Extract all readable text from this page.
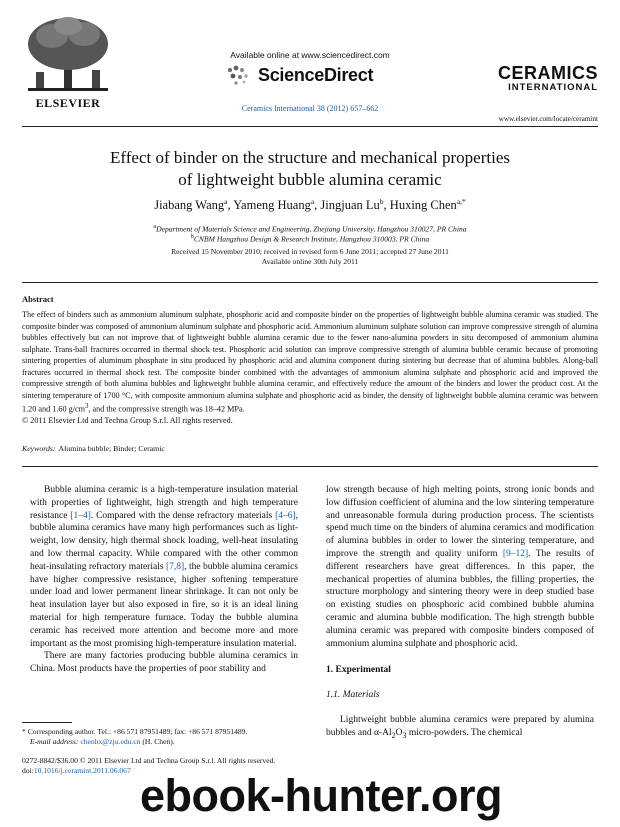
ELSEVIER
Available online at www.sciencedirect.com
ScienceDirect
Ceramics International 38 (2012) 657–662
CERAMICS
INTERNATIONAL
www.elsevier.com/locate/ceramint
Effect of binder on the structure and mechanical properties
of lightweight bubble alumina ceramic
Jiabang Wang$^a$, Yameng Huang$^a$, Jingjuan Lu$^b$, Huxing Chen$^{a,*}$
$^a$Department of Materials Science and Engineering, Zhejiang University, Hangzhou 310027, PR China
$^b$CNBM Hangzhou Design & Research Institute, Hangzhou 310003, PR China
Received 15 November 2010; received in revised form 6 June 2011; accepted 27 June 2011
Available online 30th July 2011
Abstract
The effect of binders such as ammonium aluminum sulphate, phosphoric acid and composite binder on the properties of lightweight bubble alumina ceramic was studied. The composite binder was composed of ammonium aluminum sulphate and phosphoric acid. Ammonium aluminum sulphate solution can improve compressive strength of alumina bubbles effectively but can not improve that of lightweight bubble alumina ceramic due to the fewer nano-alumina powders in situ decomposed of ammonium alumina sulphate. Trans-ball fractures occurred in thermal shock test. Phosphoric acid solution can improve compressive strength of alumina bubble ceramic because of promoting sintering properties of aluminum phosphate in situ produced by phosphoric acid and alumina component during sintering but decrease that of alumina bubbles. Along-ball fractures occurred in thermal shock test. The composite binder combined with the advantages of ammonium alumina sulphate and phosphoric acid and improved the compressive strength of both alumina bubbles and lightweight bubble alumina ceramic, and effectively reduce the amount of the binders and lower the product cost. At the sintering temperature of 1700 °C, with composite ammonium alumina sulphate and phosphoric acid as binder, the density of lightweight bubble alumina ceramic was between 1.20 and 1.60 $g/cm^3$, and the compressive strength was 18–42 MPa.
© 2011 Elsevier Ltd and Techna Group S.r.l. All rights reserved.
Keywords: Alumina bubble; Binder; Ceramic

Bubble alumina ceramic is a high-temperature insulation material with properties of lightweight, high strength and high temperature resistance [1–4]. Compared with the dense refractory materials [4–6], bubble alumina ceramics have many high performances such as light-weight, low density, high thermal shock loading, well-heat insulating and low thermal capacity. While compared with the other common heat-insulating refractory materials [7,8], the bubble alumina ceramics have higher compressive resistance, higher softening temperature under load and lower permanent linear shrinkage. It can not only be heat insulation layer but also exposed in fire, so it is an ideal lining material for high temperature furnace. Today the bubble alumina ceramic has received more attention and become more and more important as the most promising high-temperature insulation material.

There are many factories producing bubble alumina ceramics in China. Most products have the properties of poor stability and

low strength because of high melting points, strong ionic bonds and low diffusion coefficient of alumina and the low sintering temperature and unreasonable formula during production process. The scientists spend much time on the binders of alumina ceramics and modification of alumina bubbles in order to lower the sintering temperature, and improve the strength and quality uniform [9–12]. The results of different researchers have great differences. In this paper, the mechanical properties of alumina bubbles, the filling properties, the structure morphology and sintering theory were in deep studied base on existing studies on phosphoric acid combined bubble alumina ceramic and alumina bubble modification. The high strength bubble alumina ceramic was prepared with composite binders composed of ammonium alumina sulphate and phosphoric acid.

1. Experimental
1.1. Materials

Lightweight bubble alumina ceramics were prepared by alumina bubbles and $\alpha-Al_2O_3$ micro-powders. The chemical

* Corresponding author. Tel.: +86 571 87951489; fax: +86 571 87951489.
E-mail address: chenhx@zju.edu.cn (H. Chen).
0272-8842/$36.00 © 2011 Elsevier Ltd and Techna Group S.r.l. All rights reserved.
doi:10.1016/j.ceramint.2011.06.067 ebook-hunter.org
